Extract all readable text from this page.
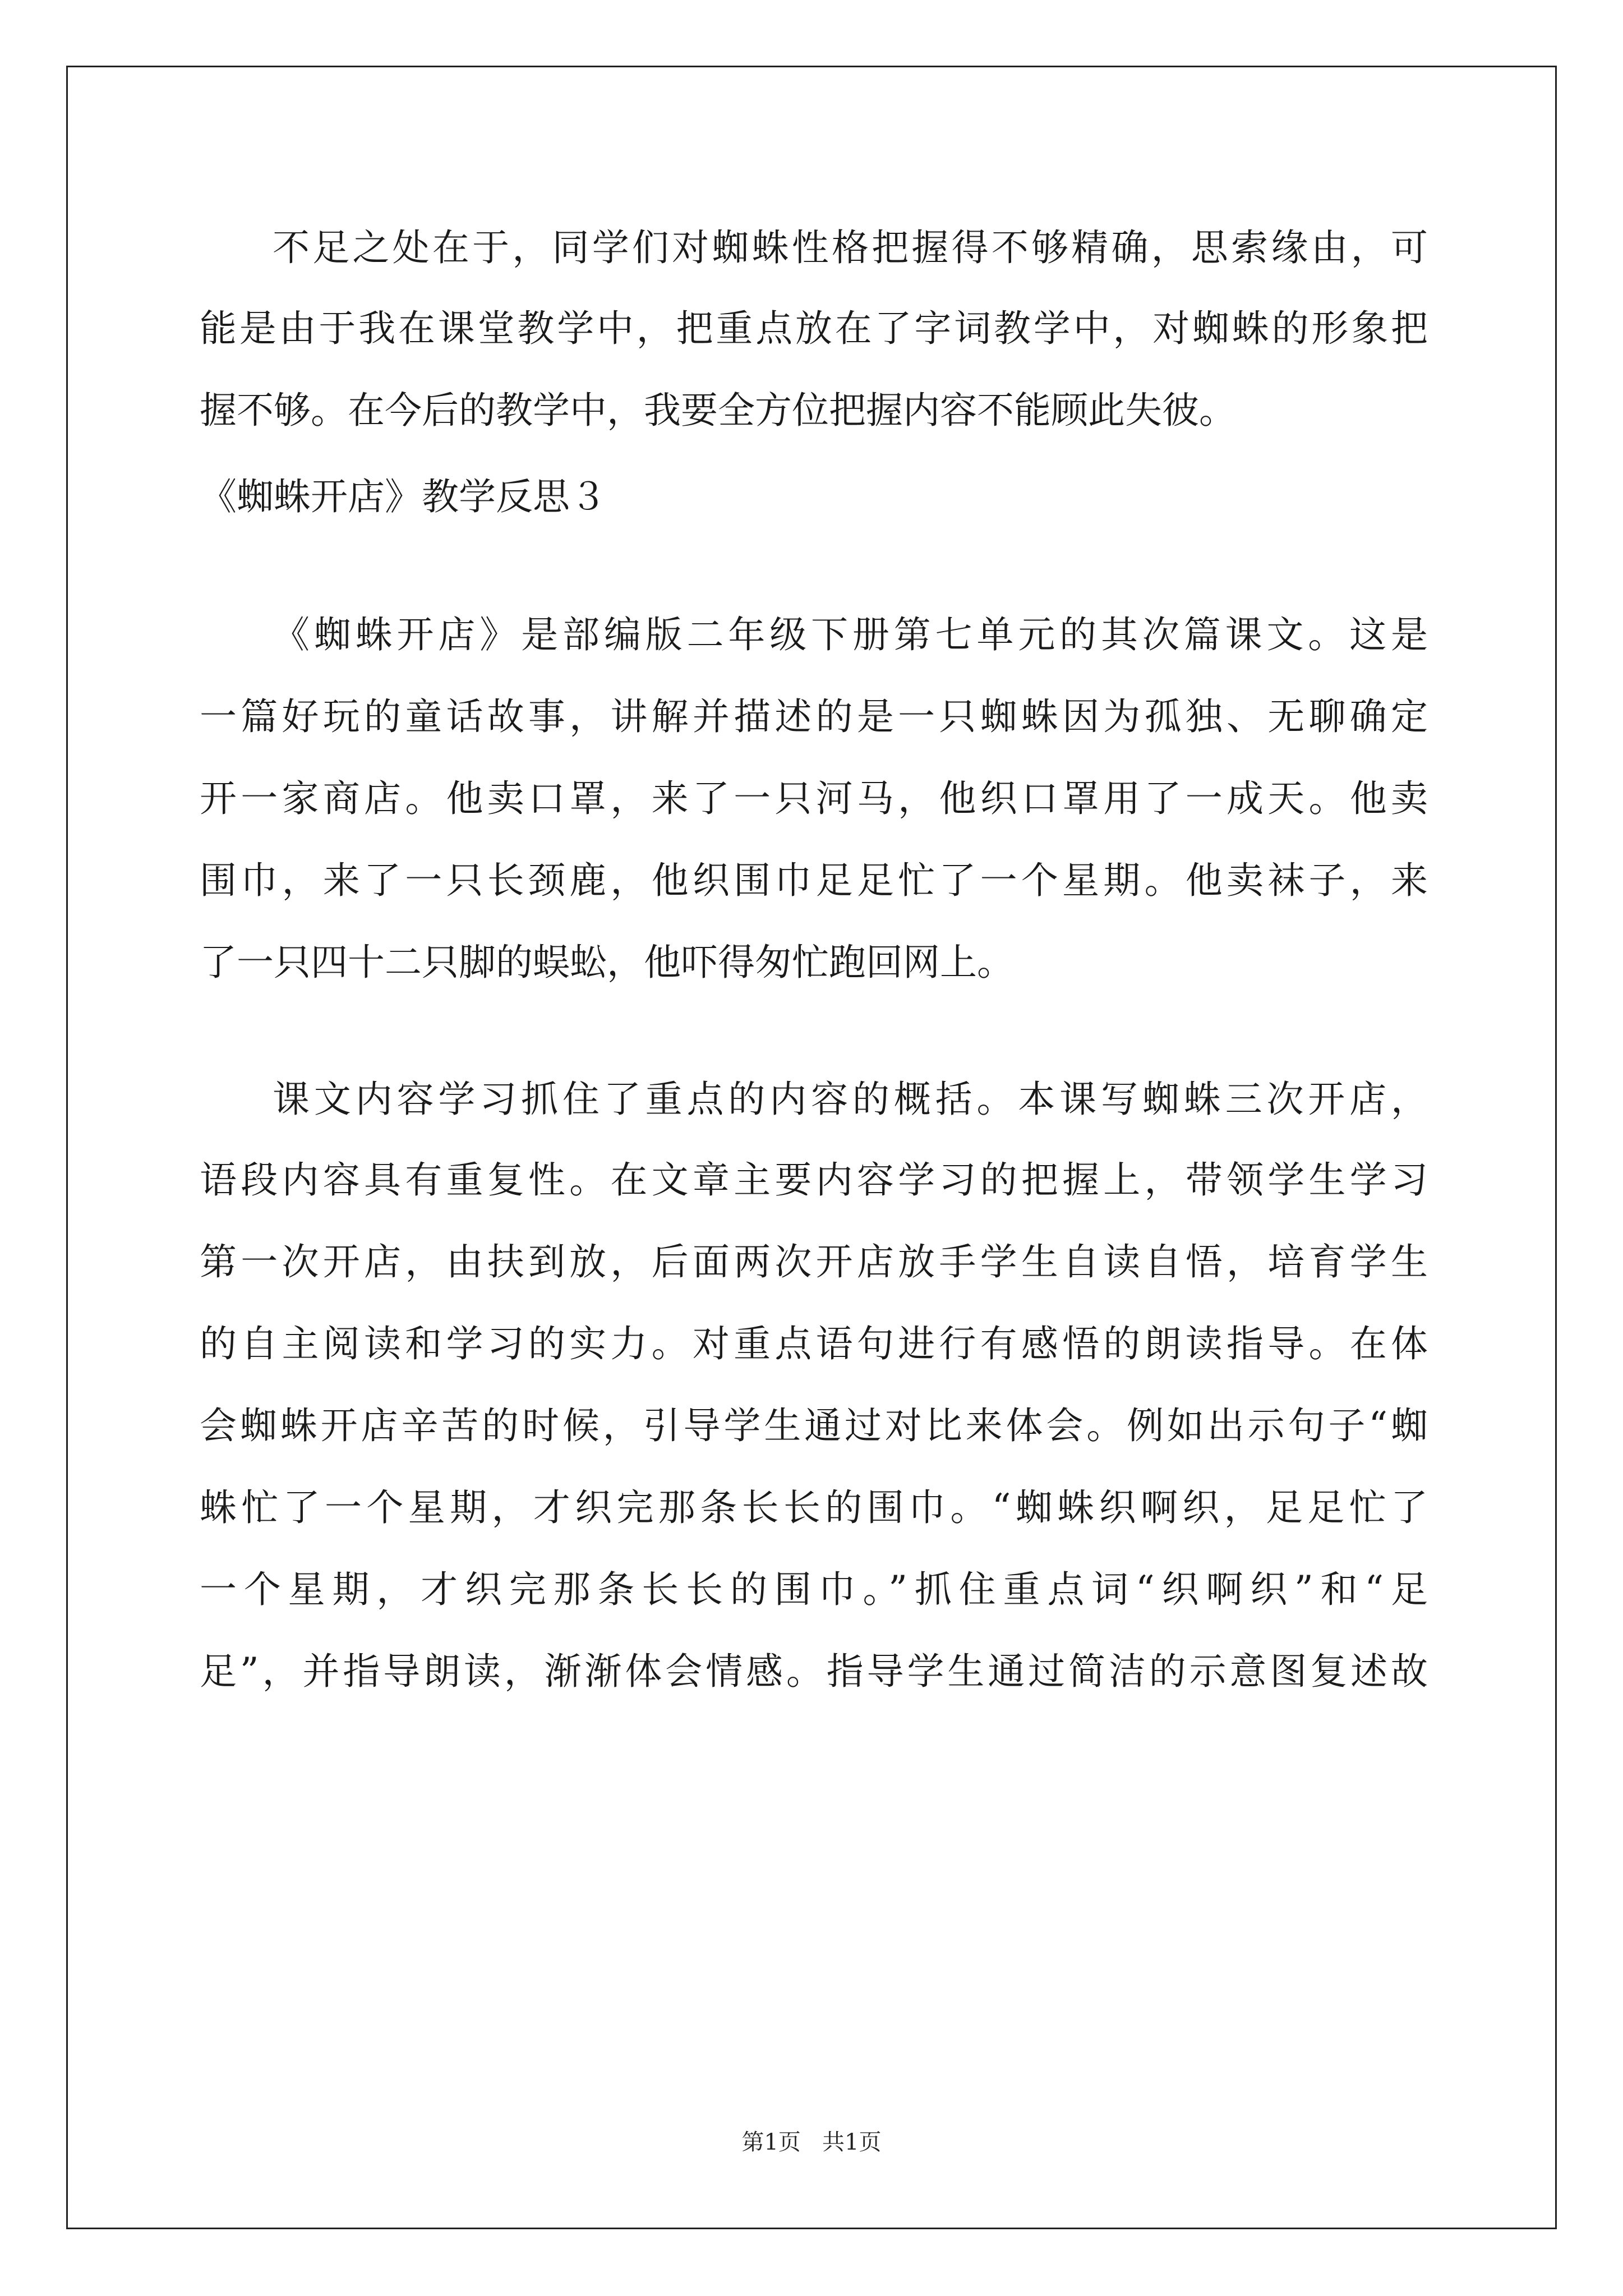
不足之处在于，同学们对蜘蛛性格把握得不够精确，思索缘由，可
能是由于我在课堂教学中，把重点放在了字词教学中，对蜘蛛的形象把
握不够。在今后的教学中，我要全方位把握内容不能顾此失彼。
《蜘蛛开店》教学反思３
《蜘蛛开店》是部编版二年级下册第七单元的其次篇课文。这是
一篇好玩的童话故事，讲解并描述的是一只蜘蛛因为孤独、无聊确定
开一家商店。他卖口罩，来了一只河马，他织口罩用了一成天。他卖
围巾，来了一只长颈鹿，他织围巾足足忙了一个星期。他卖袜子，来
了一只四十二只脚的蜈蚣，他吓得匆忙跑回网上。
课文内容学习抓住了重点的内容的概括。本课写蜘蛛三次开店，
语段内容具有重复性。在文章主要内容学习的把握上，带领学生学习
第一次开店，由扶到放，后面两次开店放手学生自读自悟，培育学生
的自主阅读和学习的实力。对重点语句进行有感悟的朗读指导。在体
会蜘蛛开店辛苦的时候，引导学生通过对比来体会。例如出示句子“蜘
蛛忙了一个星期，才织完那条长长的围巾。“蜘蛛织啊织，足足忙了
一个星期，才织完那条长长的围巾。”抓住重点词“织啊织”和“足
足”，并指导朗读，渐渐体会情感。指导学生通过简洁的示意图复述故
第1页   共1页
